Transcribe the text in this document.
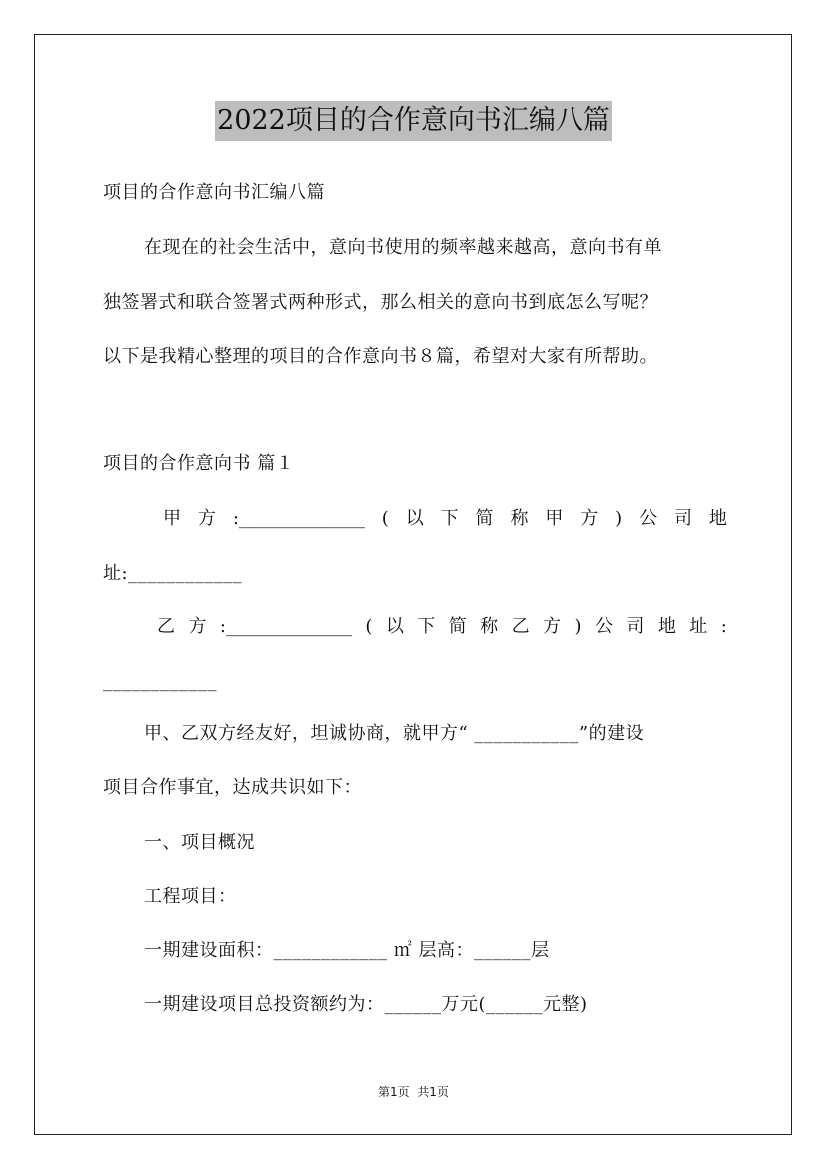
2022项目的合作意向书汇编八篇
项目的合作意向书汇编八篇
在现在的社会生活中，意向书使用的频率越来越高，意向书有单
独签署式和联合签署式两种形式，那么相关的意向书到底怎么写呢？
以下是我精心整理的项目的合作意向书８篇，希望对大家有所帮助。
项目的合作意向书 篇１
甲 方 :______________ ( 以 下 简 称 甲 方 ) 公 司 地
址:____________
乙 方 :______________ ( 以 下 简 称 乙 方 ) 公 司 地 址 :
____________
甲、乙双方经友好，坦诚协商，就甲方“ ___________”的建设
项目合作事宜，达成共识如下：
一、项目概况
工程项目：
一期建设面积：____________ ㎡ 层高：______层
一期建设项目总投资额约为：______万元(______元整)
第1页  共1页
